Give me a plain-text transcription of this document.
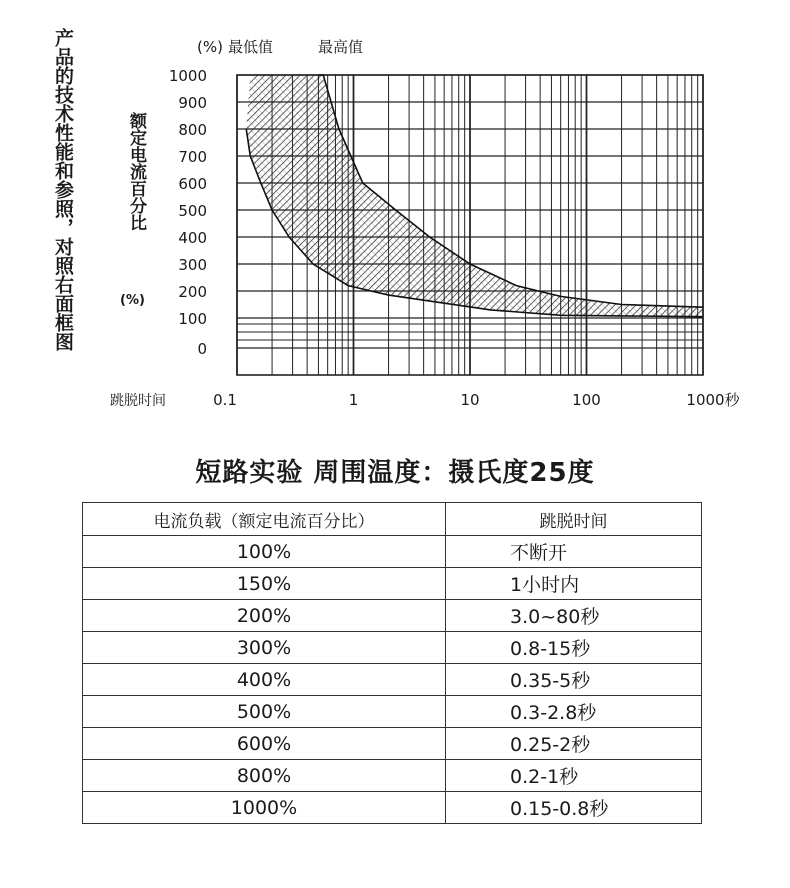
产品的技术性能和参照，对照右面框图	(%) 最低值	最高值
1000
900
800
700
600
500
400
300
200
100
0
0.1	1	10	100	1000秒
跳脱时间
额定电流百分比
(%)
短路实验 周围温度：摄氏度25度
电流负载（额定电流百分比）	跳脱时间
100%	不断开
150%	1小时内
200%	3.0~80秒
300%	0.8-15秒
400%	0.35-5秒
500%	0.3-2.8秒
600%	0.25-2秒
800%	0.2-1秒
1000%	0.15-0.8秒
